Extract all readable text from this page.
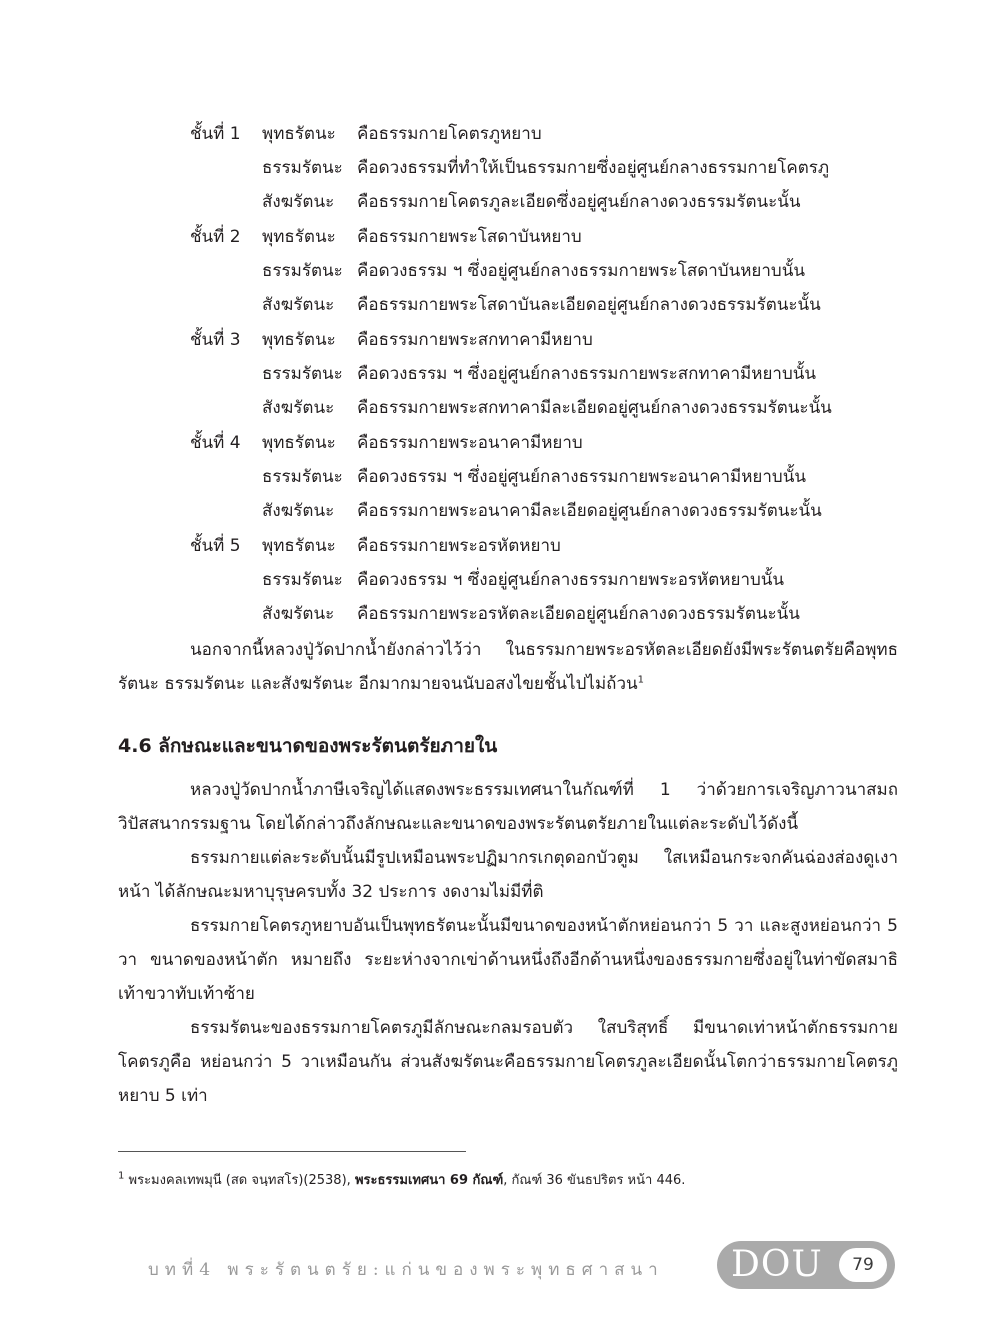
ชั้นที่ 1 พุทธรัตนะ คือธรรมกายโคตรภูหยาบ
ธรรมรัตนะ คือดวงธรรมที่ทำให้เป็นธรรมกายซึ่งอยู่ศูนย์กลางธรรมกายโคตรภู
สังฆรัตนะ คือธรรมกายโคตรภูละเอียดซึ่งอยู่ศูนย์กลางดวงธรรมรัตนะนั้น
ชั้นที่ 2 พุทธรัตนะ คือธรรมกายพระโสดาบันหยาบ
ธรรมรัตนะ คือดวงธรรม ฯ ซึ่งอยู่ศูนย์กลางธรรมกายพระโสดาบันหยาบนั้น
สังฆรัตนะ คือธรรมกายพระโสดาบันละเอียดอยู่ศูนย์กลางดวงธรรมรัตนะนั้น
ชั้นที่ 3 พุทธรัตนะ คือธรรมกายพระสกทาคามีหยาบ
ธรรมรัตนะ คือดวงธรรม ฯ ซึ่งอยู่ศูนย์กลางธรรมกายพระสกทาคามีหยาบนั้น
สังฆรัตนะ คือธรรมกายพระสกทาคามีละเอียดอยู่ศูนย์กลางดวงธรรมรัตนะนั้น
ชั้นที่ 4 พุทธรัตนะ คือธรรมกายพระอนาคามีหยาบ
ธรรมรัตนะ คือดวงธรรม ฯ ซึ่งอยู่ศูนย์กลางธรรมกายพระอนาคามีหยาบนั้น
สังฆรัตนะ คือธรรมกายพระอนาคามีละเอียดอยู่ศูนย์กลางดวงธรรมรัตนะนั้น
ชั้นที่ 5 พุทธรัตนะ คือธรรมกายพระอรหัตหยาบ
ธรรมรัตนะ คือดวงธรรม ฯ ซึ่งอยู่ศูนย์กลางธรรมกายพระอรหัตหยาบนั้น
สังฆรัตนะ คือธรรมกายพระอรหัตละเอียดอยู่ศูนย์กลางดวงธรรมรัตนะนั้น

นอกจากนี้หลวงปู่วัดปากน้ำยังกล่าวไว้ว่า ในธรรมกายพระอรหัตละเอียดยังมีพระรัตนตรัยคือพุทธรัตนะ ธรรมรัตนะ และสังฆรัตนะ อีกมากมายจนนับอสงไขยชั้นไปไม่ถ้วน$^1$

4.6 ลักษณะและขนาดของพระรัตนตรัยภายใน

หลวงปู่วัดปากน้ำภาษีเจริญได้แสดงพระธรรมเทศนาในกัณฑ์ที่ 1 ว่าด้วยการเจริญภาวนาสมถวิปัสสนากรรมฐาน โดยได้กล่าวถึงลักษณะและขนาดของพระรัตนตรัยภายในแต่ละระดับไว้ดังนี้

ธรรมกายแต่ละระดับนั้นมีรูปเหมือนพระปฏิมากรเกตุดอกบัวตูม ใสเหมือนกระจกคันฉ่องส่องดูเงาหน้า ได้ลักษณะมหาบุรุษครบทั้ง 32 ประการ งดงามไม่มีที่ติ

ธรรมกายโคตรภูหยาบอันเป็นพุทธรัตนะนั้นมีขนาดของหน้าตักหย่อนกว่า 5 วา และสูงหย่อนกว่า 5 วา ขนาดของหน้าตัก หมายถึง ระยะห่างจากเข่าด้านหนึ่งถึงอีกด้านหนึ่งของธรรมกายซึ่งอยู่ในท่าขัดสมาธิเท้าขวาทับเท้าซ้าย

ธรรมรัตนะของธรรมกายโคตรภูมีลักษณะกลมรอบตัว ใสบริสุทธิ์ มีขนาดเท่าหน้าตักธรรมกายโคตรภูคือ หย่อนกว่า 5 วาเหมือนกัน ส่วนสังฆรัตนะคือธรรมกายโคตรภูละเอียดนั้นโตกว่าธรรมกายโคตรภูหยาบ 5 เท่า

$^1$ พระมงคลเทพมุนี (สด จนฺทสโร)(2538), พระธรรมเทศนา 69 กัณฑ์, กัณฑ์ 36 ขันธปริตร หน้า 446.
บทที่4 พระรัตนตรัย:แก่นของพระพุทธศาสนา DOU	79
